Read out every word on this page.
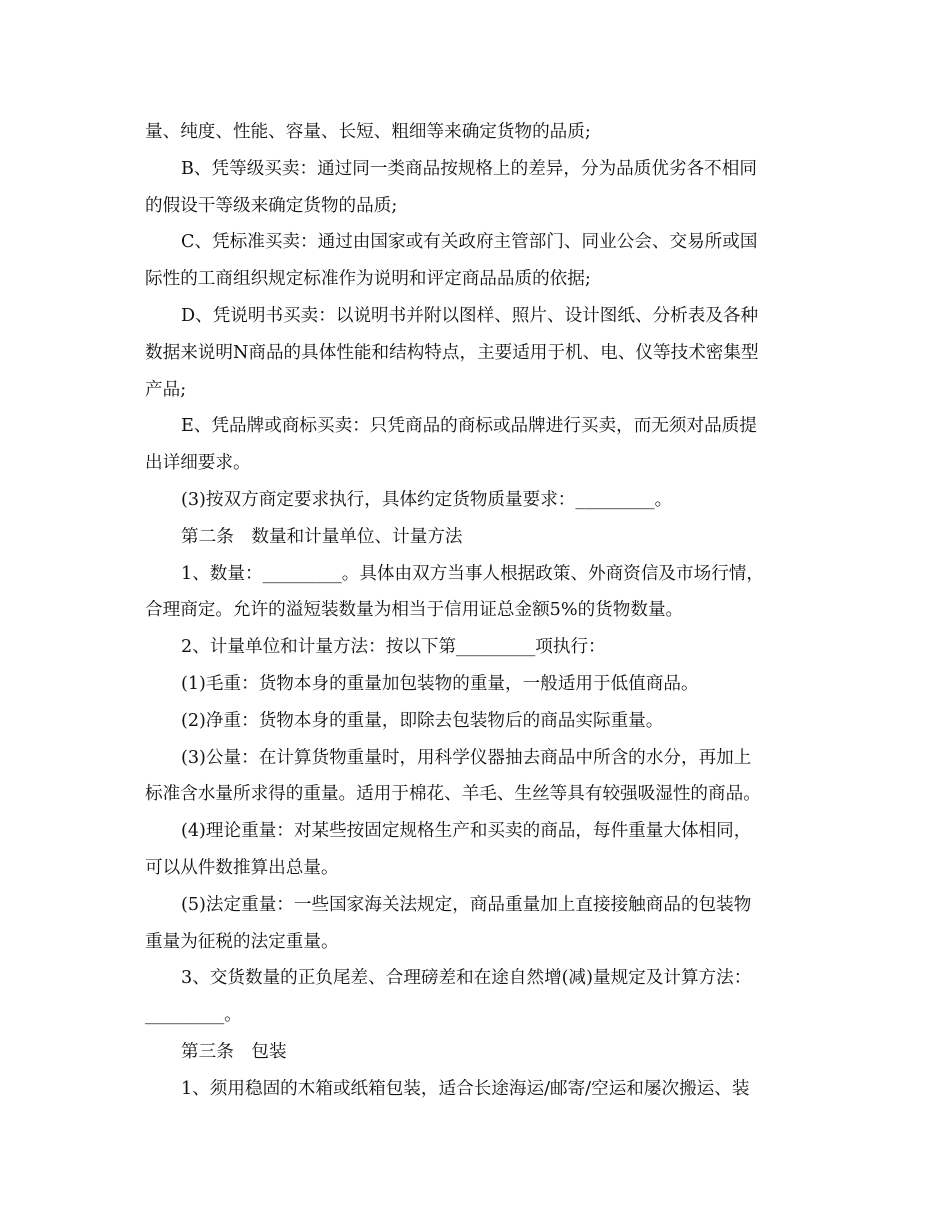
量、纯度、性能、容量、长短、粗细等来确定货物的品质;
B、凭等级买卖：通过同一类商品按规格上的差异，分为品质优劣各不相同
的假设干等级来确定货物的品质;
C、凭标准买卖：通过由国家或有关政府主管部门、同业公会、交易所或国
际性的工商组织规定标准作为说明和评定商品品质的依据;
D、凭说明书买卖：以说明书并附以图样、照片、设计图纸、分析表及各种
数据来说明N商品的具体性能和结构特点，主要适用于机、电、仪等技术密集型
产品;
E、凭品牌或商标买卖：只凭商品的商标或品牌进行买卖，而无须对品质提
出详细要求。
(3)按双方商定要求执行，具体约定货物质量要求：_________。
第二条　数量和计量单位、计量方法
1、数量：_________。具体由双方当事人根据政策、外商资信及市场行情，
合理商定。允许的溢短装数量为相当于信用证总金额5%的货物数量。
2、计量单位和计量方法：按以下第_________项执行：
(1)毛重：货物本身的重量加包装物的重量，一般适用于低值商品。
(2)净重：货物本身的重量，即除去包装物后的商品实际重量。
(3)公量：在计算货物重量时，用科学仪器抽去商品中所含的水分，再加上
标准含水量所求得的重量。适用于棉花、羊毛、生丝等具有较强吸湿性的商品。
(4)理论重量：对某些按固定规格生产和买卖的商品，每件重量大体相同，
可以从件数推算出总量。
(5)法定重量：一些国家海关法规定，商品重量加上直接接触商品的包装物
重量为征税的法定重量。
3、交货数量的正负尾差、合理磅差和在途自然增(减)量规定及计算方法：
_________。
第三条　包装
1、须用稳固的木箱或纸箱包装，适合长途海运/邮寄/空运和屡次搬运、装
